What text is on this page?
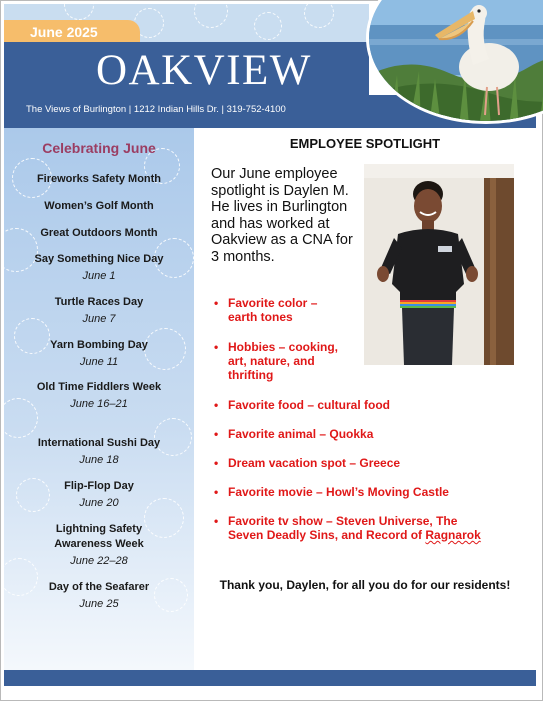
June 2025
OAKVIEW
The Views of Burlington | 1212 Indian Hills Dr. | 319-752-4100
Celebrating June
Fireworks Safety Month
Women’s Golf Month
Great Outdoors Month
Say Something Nice Day
June 1
Turtle Races Day
June 7
Yarn Bombing Day
June 11
Old Time Fiddlers Week
June 16–21
International Sushi Day
June 18
Flip-Flop Day
June 20
Lightning Safety Awareness Week
June 22–28
Day of the Seafarer
June 25
EMPLOYEE SPOTLIGHT
Our June employee spotlight is Daylen M. He lives in Burlington and has worked at Oakview as a CNA for 3 months.
• Favorite color –
earth tones
• Hobbies – cooking,
art, nature, and
thrifting
• Favorite food – cultural food
• Favorite animal – Quokka
• Dream vacation spot – Greece
• Favorite movie – Howl’s Moving Castle
• Favorite tv show – Steven Universe, The
Seven Deadly Sins, and Record of Ragnarok
Thank you, Daylen, for all you do for our residents!
